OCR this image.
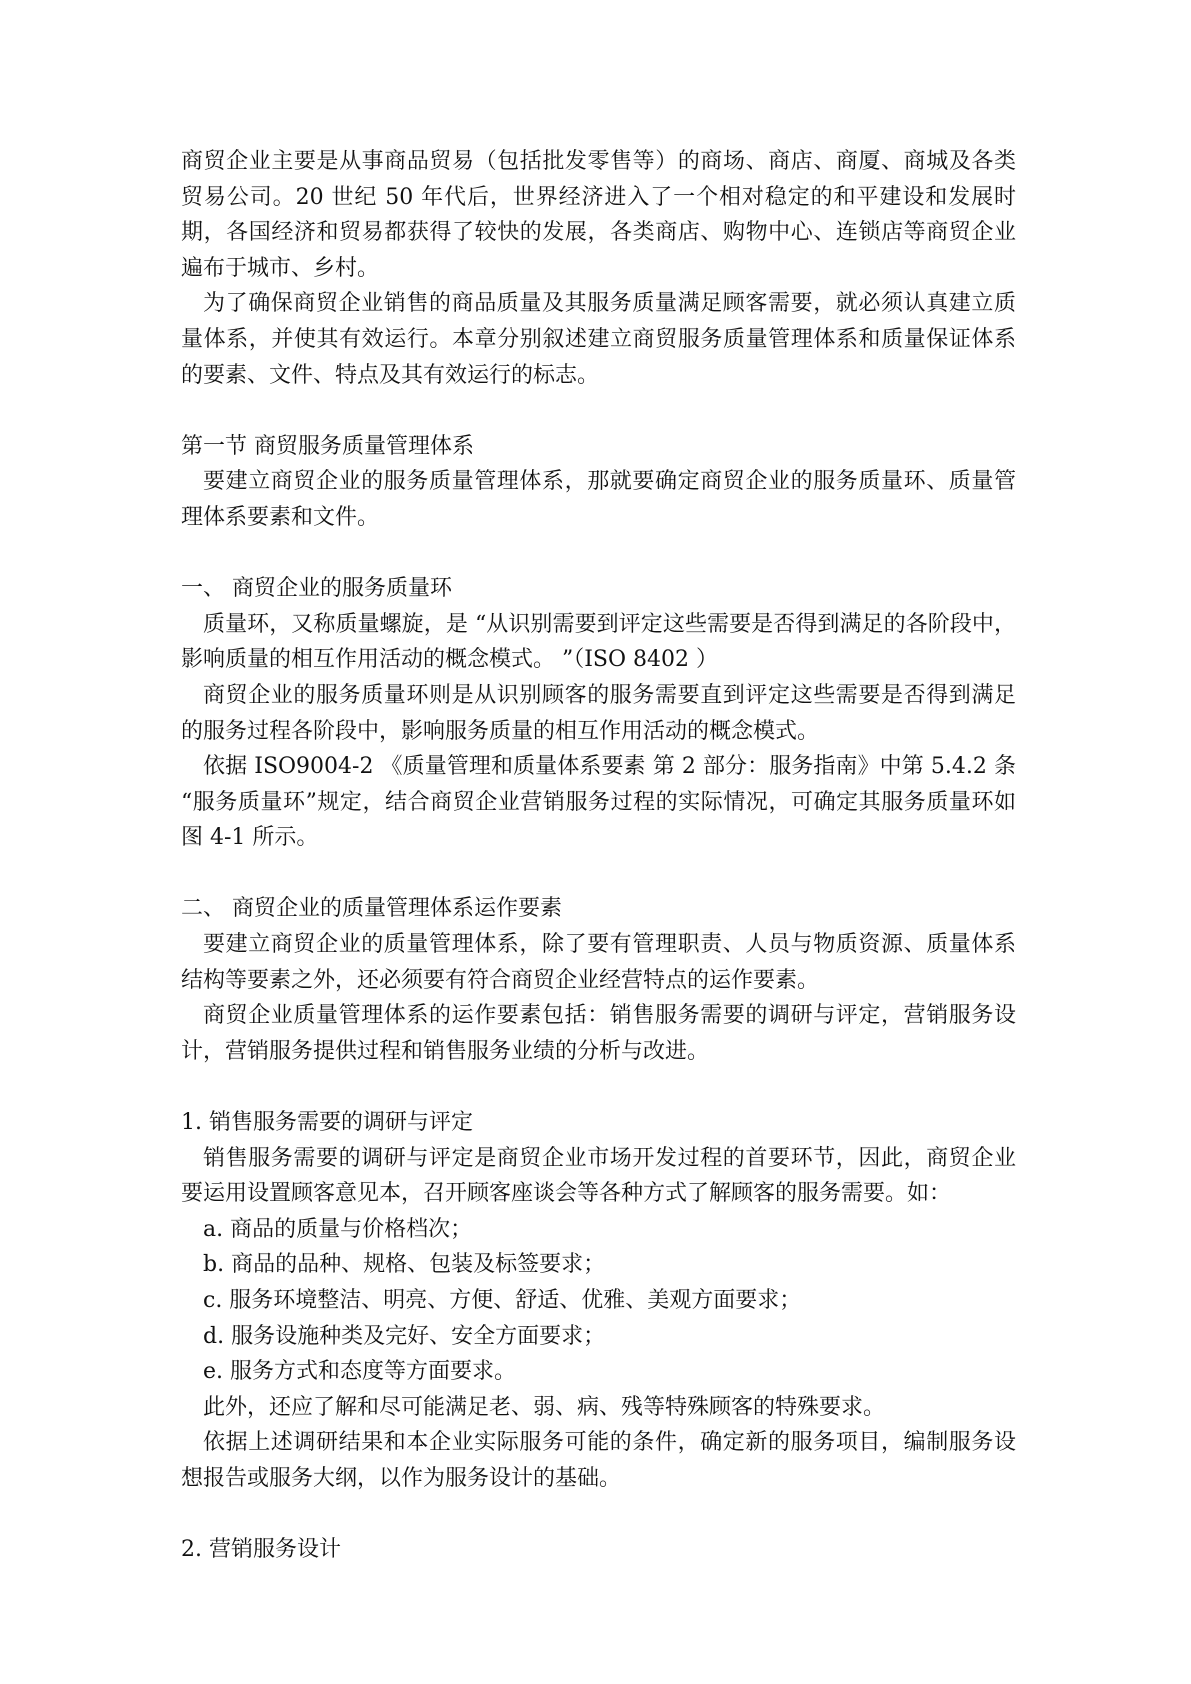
商贸企业主要是从事商品贸易（包括批发零售等）的商场、商店、商厦、商城及各类贸易公司。20 世纪 50 年代后，世界经济进入了一个相对稳定的和平建设和发展时期，各国经济和贸易都获得了较快的发展，各类商店、购物中心、连锁店等商贸企业遍布于城市、乡村。

为了确保商贸企业销售的商品质量及其服务质量满足顾客需要，就必须认真建立质量体系，并使其有效运行。本章分别叙述建立商贸服务质量管理体系和质量保证体系的要素、文件、特点及其有效运行的标志。

第一节 商贸服务质量管理体系

要建立商贸企业的服务质量管理体系，那就要确定商贸企业的服务质量环、质量管理体系要素和文件。

一、 商贸企业的服务质量环

质量环，又称质量螺旋，是 “从识别需要到评定这些需要是否得到满足的各阶段中，影响质量的相互作用活动的概念模式。 ”（ISO 8402 ）

商贸企业的服务质量环则是从识别顾客的服务需要直到评定这些需要是否得到满足的服务过程各阶段中，影响服务质量的相互作用活动的概念模式。

依据 ISO9004-2 《质量管理和质量体系要素 第 2 部分：服务指南》中第 5.4.2 条 “服务质量环”规定，结合商贸企业营销服务过程的实际情况，可确定其服务质量环如图 4-1 所示。

二、 商贸企业的质量管理体系运作要素

要建立商贸企业的质量管理体系，除了要有管理职责、人员与物质资源、质量体系结构等要素之外，还必须要有符合商贸企业经营特点的运作要素。

商贸企业质量管理体系的运作要素包括：销售服务需要的调研与评定，营销服务设计，营销服务提供过程和销售服务业绩的分析与改进。

1. 销售服务需要的调研与评定

销售服务需要的调研与评定是商贸企业市场开发过程的首要环节，因此，商贸企业要运用设置顾客意见本，召开顾客座谈会等各种方式了解顾客的服务需要。如：

a. 商品的质量与价格档次；

b. 商品的品种、规格、包装及标签要求；

c. 服务环境整洁、明亮、方便、舒适、优雅、美观方面要求；

d. 服务设施种类及完好、安全方面要求；

e. 服务方式和态度等方面要求。

此外，还应了解和尽可能满足老、弱、病、残等特殊顾客的特殊要求。

依据上述调研结果和本企业实际服务可能的条件，确定新的服务项目，编制服务设想报告或服务大纲，以作为服务设计的基础。

2. 营销服务设计
